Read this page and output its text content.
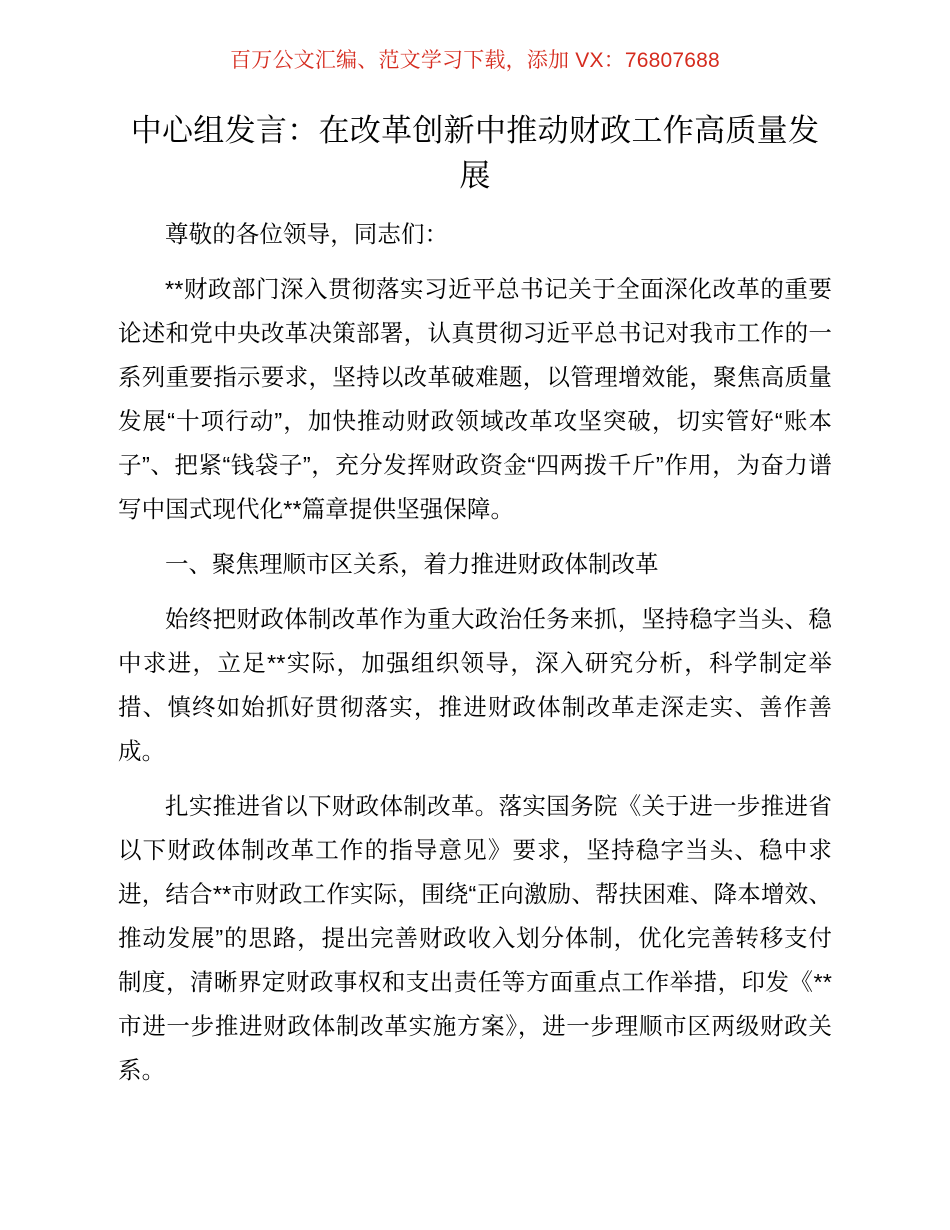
百万公文汇编、范文学习下载，添加 VX：76807688
中心组发言：在改革创新中推动财政工作高质量发展

尊敬的各位领导，同志们：

**财政部门深入贯彻落实习近平总书记关于全面深化改革的重要论述和党中央改革决策部署，认真贯彻习近平总书记对我市工作的一系列重要指示要求，坚持以改革破难题，以管理增效能，聚焦高质量发展“十项行动”，加快推动财政领域改革攻坚突破，切实管好“账本子”、把紧“钱袋子”，充分发挥财政资金“四两拨千斤”作用，为奋力谱写中国式现代化**篇章提供坚强保障。

一、聚焦理顺市区关系，着力推进财政体制改革

始终把财政体制改革作为重大政治任务来抓，坚持稳字当头、稳中求进，立足**实际，加强组织领导，深入研究分析，科学制定举措、慎终如始抓好贯彻落实，推进财政体制改革走深走实、善作善成。

扎实推进省以下财政体制改革。落实国务院《关于进一步推进省以下财政体制改革工作的指导意见》要求，坚持稳字当头、稳中求进，结合**市财政工作实际，围绕“正向激励、帮扶困难、降本增效、推动发展”的思路，提出完善财政收入划分体制，优化完善转移支付制度，清晰界定财政事权和支出责任等方面重点工作举措，印发《**市进一步推进财政体制改革实施方案》，进一步理顺市区两级财政关系。
